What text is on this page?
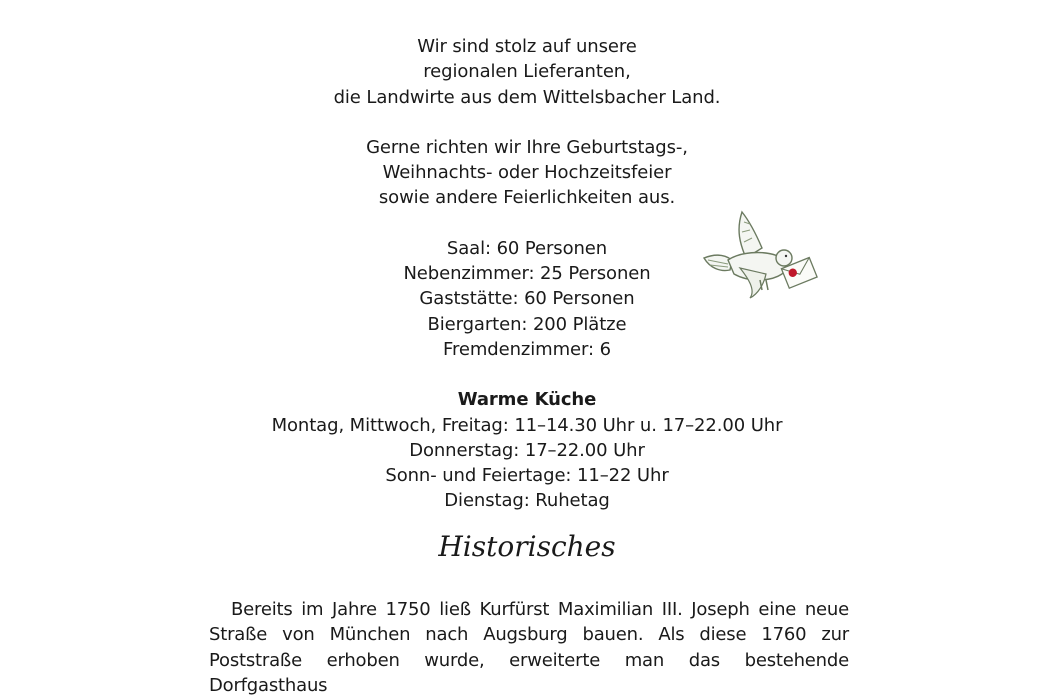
Wir sind stolz auf unsere

regionalen Lieferanten,

die Landwirte aus dem Wittelsbacher Land.

Gerne richten wir Ihre Geburtstags-,

Weihnachts- oder Hochzeitsfeier

sowie andere Feierlichkeiten aus.

Saal: 60 Personen

Nebenzimmer: 25 Personen

Gaststätte: 60 Personen

Biergarten: 200 Plätze

Fremdenzimmer: 6

Warme Küche

Montag, Mittwoch, Freitag: 11–14.30 Uhr u. 17–22.00 Uhr

Donnerstag: 17–22.00 Uhr

Sonn- und Feiertage: 11–22 Uhr

Dienstag: Ruhetag

Historisches

Bereits im Jahre 1750 ließ Kurfürst Maximilian III. Joseph eine neue Straße von München nach Augsburg bauen. Als diese 1760 zur Poststraße erhoben wurde, erweiterte man das bestehende Dorfgasthaus
